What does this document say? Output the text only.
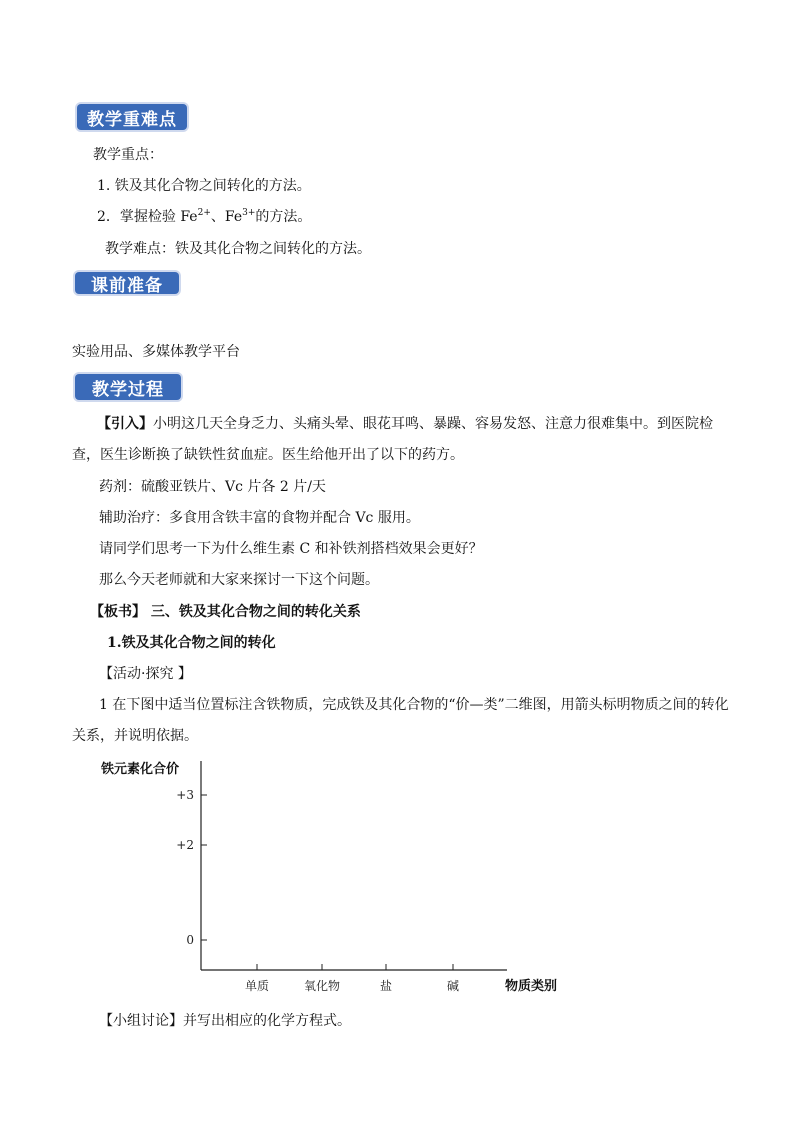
教学重难点
教学重点：
1. 铁及其化合物之间转化的方法。
2．掌握检验 $Fe^{2+}$、$Fe^{3+}$的方法。
教学难点：铁及其化合物之间转化的方法。
课前准备
实验用品、多媒体教学平台
教学过程
【引入】小明这几天全身乏力、头痛头晕、眼花耳鸣、暴躁、容易发怒、注意力很难集中。到医院检
查，医生诊断换了缺铁性贫血症。医生给他开出了以下的药方。
药剂：硫酸亚铁片、Vc 片各 2 片/天
辅助治疗：多食用含铁丰富的食物并配合 Vc 服用。
请同学们思考一下为什么维生素 C 和补铁剂搭档效果会更好？
那么今天老师就和大家来探讨一下这个问题。
【板书】 三、铁及其化合物之间的转化关系
1.铁及其化合物之间的转化
【活动·探究 】
1 在下图中适当位置标注含铁物质，完成铁及其化合物的“价—类”二维图，用箭头标明物质之间的转化
关系，并说明依据。
铁元素化合价
+3
+2
0
单质	氧化物	盐	碱	物质类别
【小组讨论】并写出相应的化学方程式。
